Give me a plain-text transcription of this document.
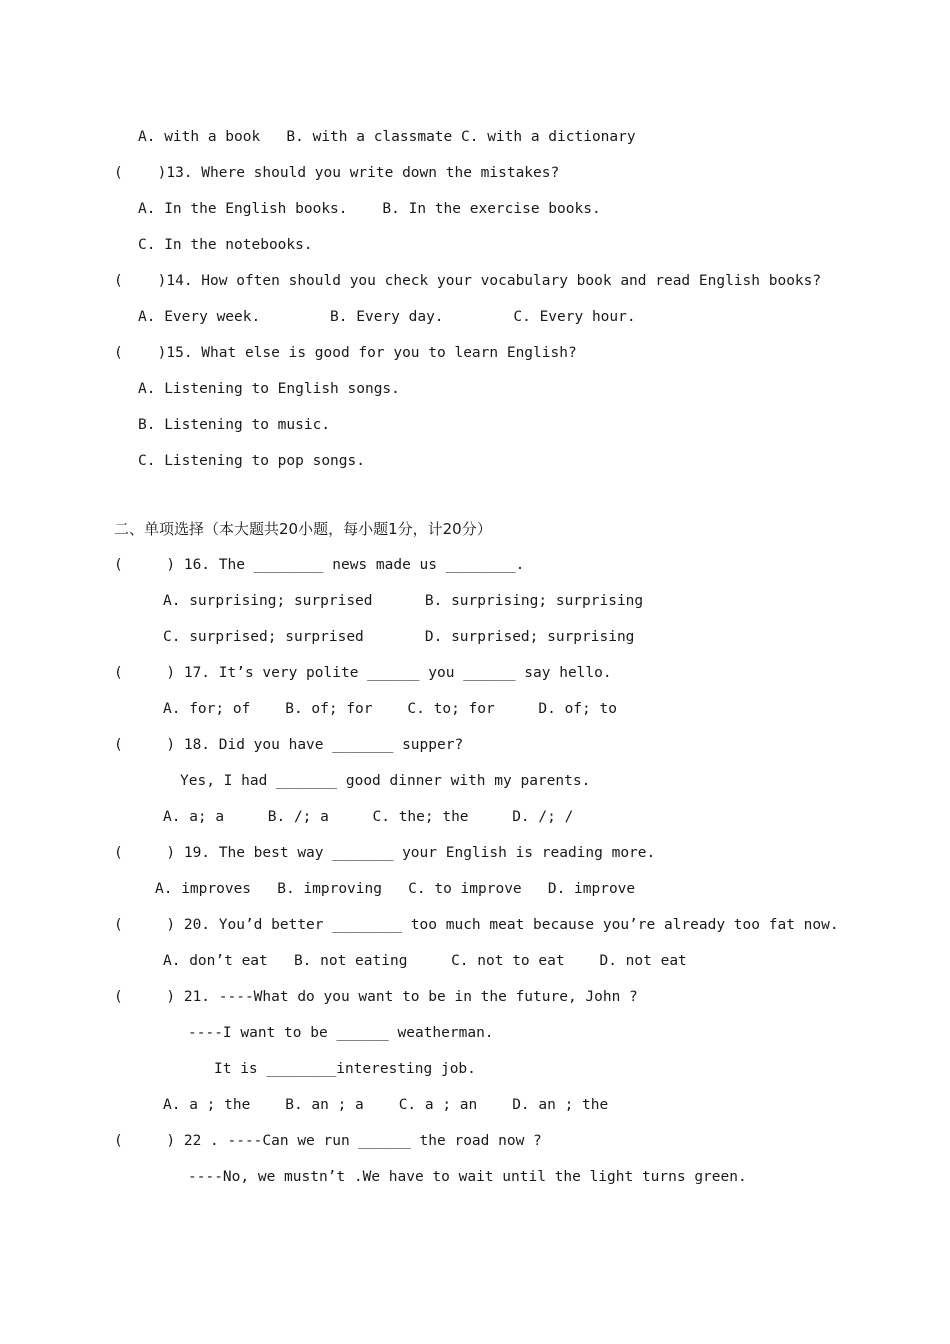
A. with a book   B. with a classmate C. with a dictionary
(    )13. Where should you write down the mistakes?
A. In the English books.    B. In the exercise books.
C. In the notebooks.
(    )14. How often should you check your vocabulary book and read English books?
A. Every week.        B. Every day.        C. Every hour.
(    )15. What else is good for you to learn English?
A. Listening to English songs.
B. Listening to music.
C. Listening to pop songs.
二、单项选择（本大题共20小题，每小题1分，计20分）
(     ) 16. The ________ news made us ________.
A. surprising; surprised      B. surprising; surprising
C. surprised; surprised       D. surprised; surprising
(     ) 17. It’s very polite ______ you ______ say hello.
A. for; of    B. of; for    C. to; for     D. of; to
(     ) 18. Did you have _______ supper?
Yes, I had _______ good dinner with my parents.
A. a; a     B. /; a     C. the; the     D. /; /
(     ) 19. The best way _______ your English is reading more.
A. improves   B. improving   C. to improve   D. improve
(     ) 20. You’d better ________ too much meat because you’re already too fat now.
A. don’t eat   B. not eating     C. not to eat    D. not eat
(     ) 21. ----What do you want to be in the future, John ?
----I want to be ______ weatherman.
It is ________interesting job.
A. a ; the    B. an ; a    C. a ; an    D. an ; the
(     ) 22 . ----Can we run ______ the road now ?
----No, we mustn’t .We have to wait until the light turns green.
